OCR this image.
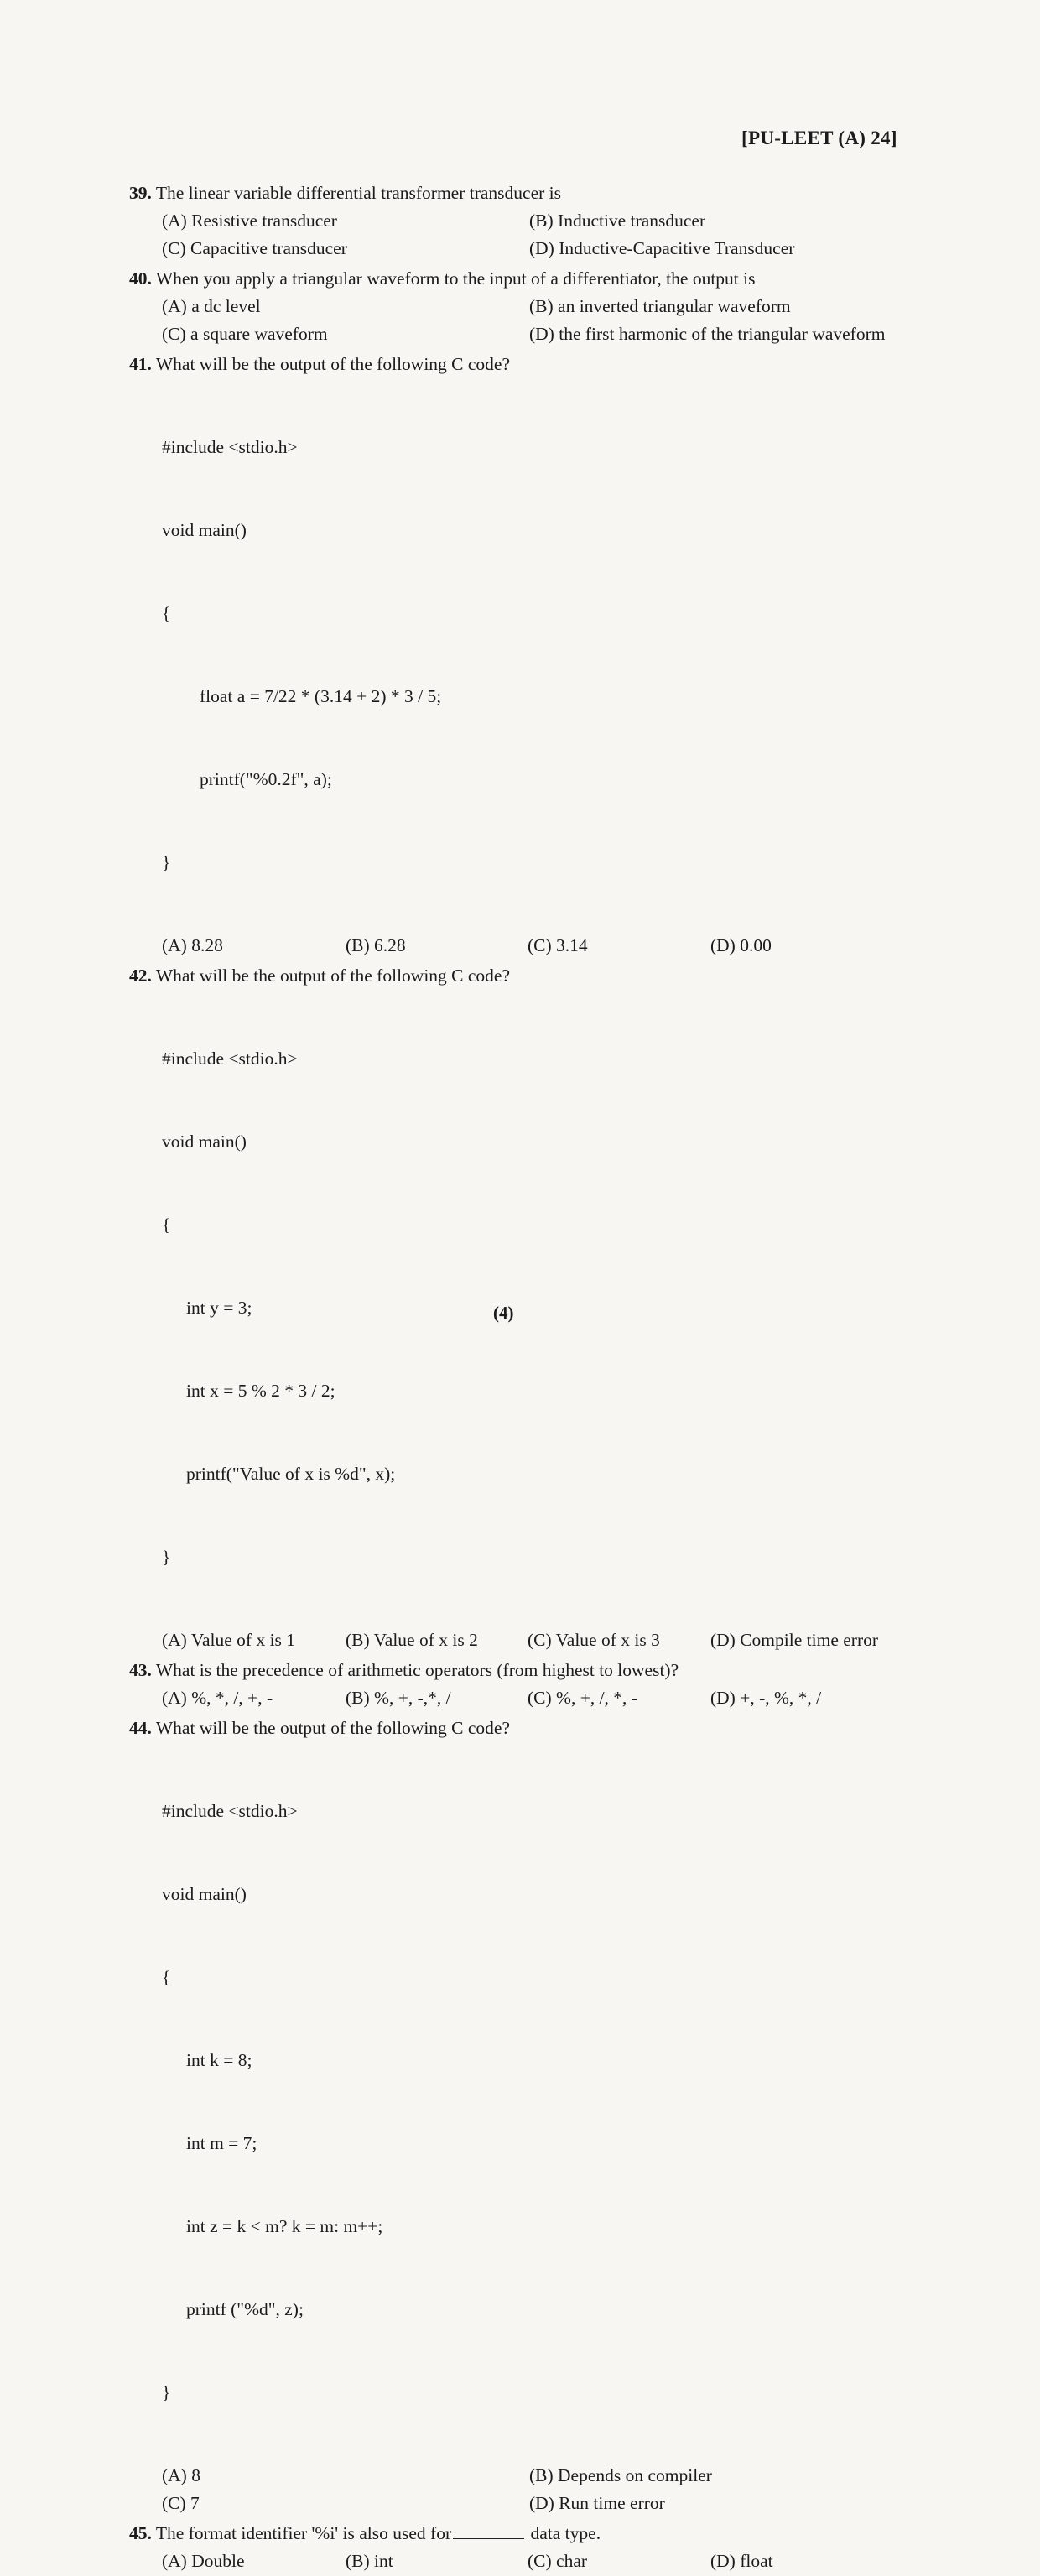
[PU-LEET (A) 24]

39. The linear variable differential transformer transducer is

(A) Resistive transducer	(B) Inductive transducer
(C) Capacitive transducer	(D) Inductive-Capacitive Transducer

40. When you apply a triangular waveform to the input of a differentiator, the output is

(A) a dc level	(B) an inverted triangular waveform
(C) a square waveform	(D) the first harmonic of the triangular waveform

41. What will be the output of the following C code?

#include <stdio.h>

void main()

{

float a = 7/22 * (3.14 + 2) * 3 / 5;

printf("%0.2f", a);

}

(A) 8.28	(B) 6.28	(C) 3.14	(D) 0.00

42. What will be the output of the following C code?

#include <stdio.h>

void main()

{

int y = 3;

int x = 5 % 2 * 3 / 2;

printf("Value of x is %d", x);

}

(A) Value of x is 1	(B) Value of x is 2	(C) Value of x is 3	(D) Compile time error

43. What is the precedence of arithmetic operators (from highest to lowest)?

(A) %, *, /, +, -	(B) %, +, -,*, /	(C) %, +, /, *, -	(D) +, -, %, *, /

44. What will be the output of the following C code?

#include <stdio.h>

void main()

{

int k = 8;

int m = 7;

int z = k < m? k = m: m++;

printf ("%d", z);

}

(A) 8	(B) Depends on compiler
(C) 7	(D) Run time error

45. The format identifier '%i' is also used for	data type.

(A) Double	(B) int	(C) char	(D) float
(4)
